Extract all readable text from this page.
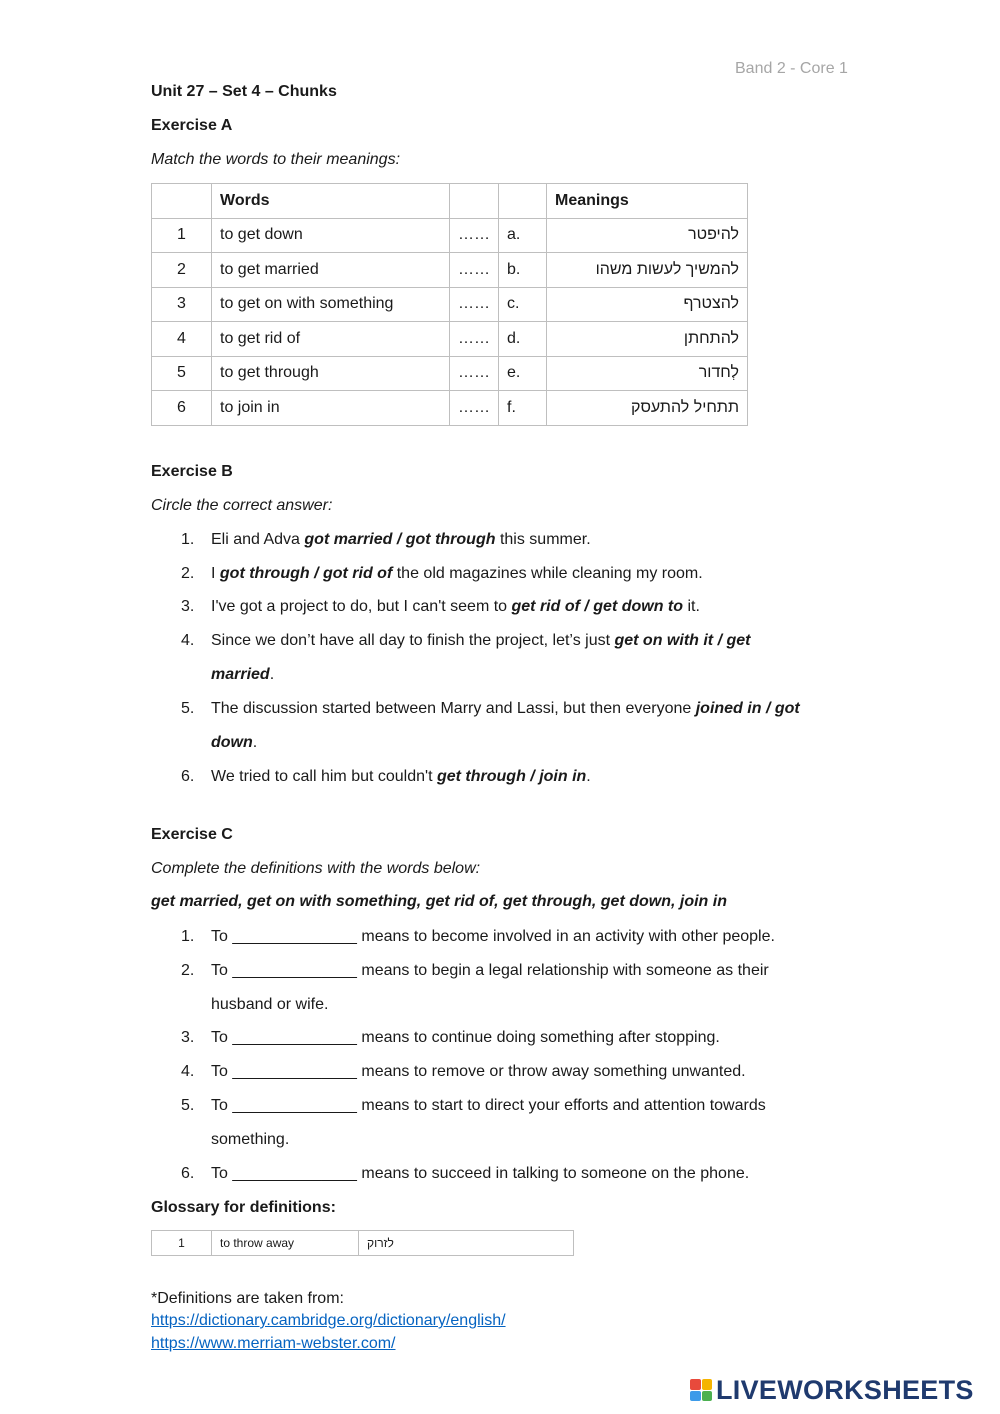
Band 2 - Core 1
Unit 27 – Set 4 – Chunks
Exercise A
Match the words to their meanings:
	Words			Meanings
1	to get down	……	a.	להיפטר
2	to get married	……	b.	להמשיך לעשות משהו
3	to get on with something	……	c.	להצטרף
4	to get rid of	……	d.	להתחתן
5	to get through	……	e.	לְחדור
6	to join in	……	f.	תתחיל להתעסק
Exercise B
Circle the correct answer:
1. Eli and Adva got married / got through this summer.
2. I got through / got rid of the old magazines while cleaning my room.
3. I've got a project to do, but I can't seem to get rid of / get down to it.
4. Since we don’t have all day to finish the project, let’s just get on with it / get
married.
5. The discussion started between Marry and Lassi, but then everyone joined in / got
down.
6. We tried to call him but couldn't get through / join in.
Exercise C
Complete the definitions with the words below:
get married, get on with something, get rid of, get through, get down, join in
1. To ______________ means to become involved in an activity with other people.
2. To ______________ means to begin a legal relationship with someone as their
husband or wife.
3. To ______________ means to continue doing something after stopping.
4. To ______________ means to remove or throw away something unwanted.
5. To ______________ means to start to direct your efforts and attention towards
something.
6. To ______________ means to succeed in talking to someone on the phone.
Glossary for definitions:
1	to throw away	לזרוק
*Definitions are taken from:
https://dictionary.cambridge.org/dictionary/english/
https://www.merriam-webster.com/
LIVEWORKSHEETS
